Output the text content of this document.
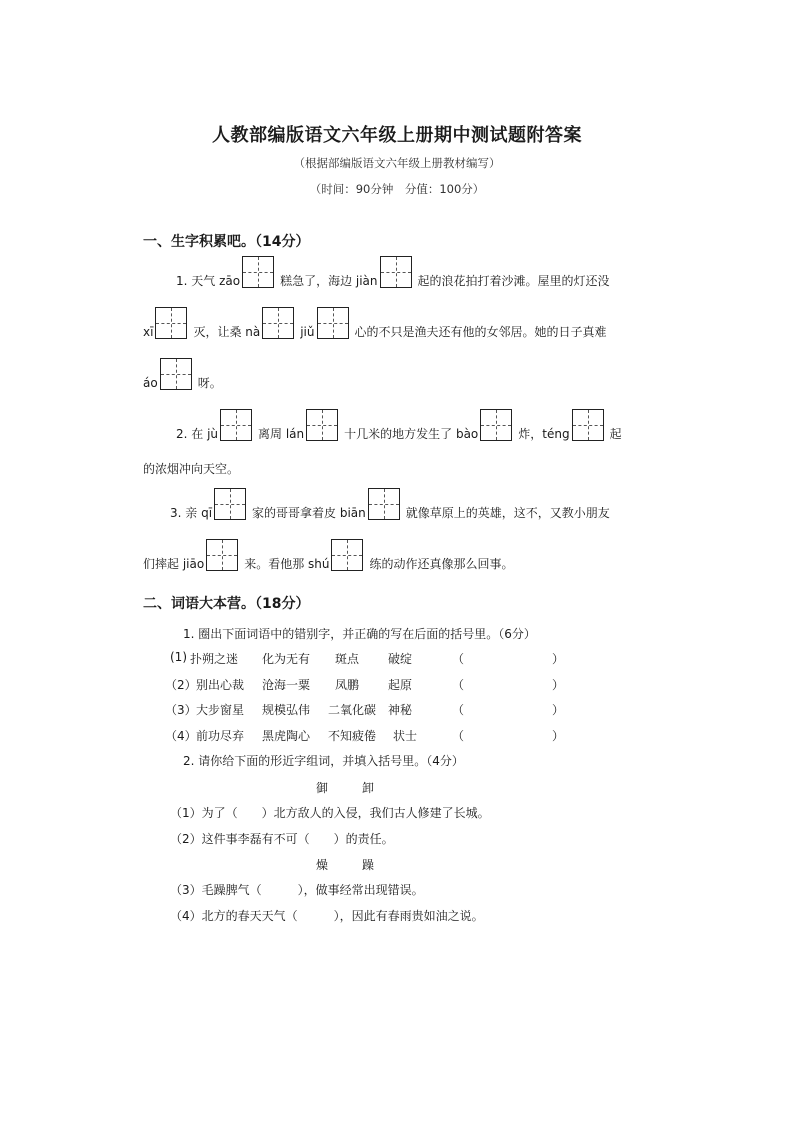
人教部编版语文六年级上册期中测试题附答案
（根据部编版语文六年级上册教材编写）
（时间：90分钟　分值：100分）
一、生字积累吧。（14分）
1. 天气 zāo	糕急了，海边 jiàn	起的浪花拍打着沙滩。屋里的灯还没
xī	灭，让桑 nà	jiǔ	心的不只是渔夫还有他的女邻居。她的日子真难
áo	呀。
2. 在 jù	离周 lán	十几米的地方发生了 bào	炸，téng	起
的浓烟冲向天空。
3. 亲 qī	家的哥哥拿着皮 biān	就像草原上的英雄，这不，又教小朋友
们摔起 jiāo	来。看他那 shú	练的动作还真像那么回事。
二、词语大本营。（18分）
1. 圈出下面词语中的错别字，并正确的写在后面的括号里。（6分）
(1) 扑朔之迷 化为无有 斑点 破绽	（	）
（2） 别出心裁 沧海一粟 凤鹏 起原	（	）
（3） 大步窗星 规模弘伟 二氧化碳 神秘	（	）
（4） 前功尽弃 黑虎陶心 不知疲倦 状士	（	）
2. 请你给下面的形近字组词，并填入括号里。（4分）
御	卸
（1）为了（　　）北方敌人的入侵，我们古人修建了长城。
（2）这件事李磊有不可（　　）的责任。
燥	躁
（3）毛躁脾气（　　　），做事经常出现错误。
（4）北方的春天天气（　　　），因此有春雨贵如油之说。
